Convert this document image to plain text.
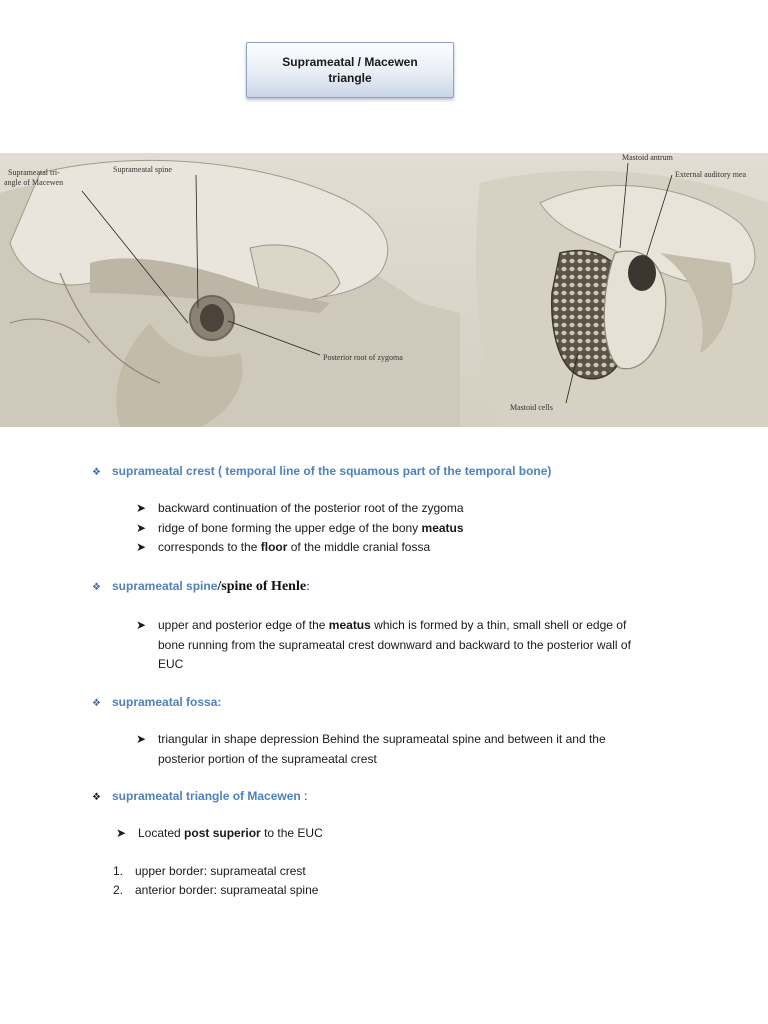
Suprameatal / Macewen
triangle
Suprameatal tri-
angle of Macewen
Suprameatal spine
Posterior root of zygoma
Mastoid antrum
External auditory mea
Mastoid cells
❖ suprameatal crest ( temporal line of the squamous part of the temporal bone)
➤ backward continuation of the posterior root of the zygoma
➤ ridge of bone forming the upper edge of the bony meatus
➤ corresponds to the floor of the middle cranial fossa
❖ suprameatal spine/spine of Henle:
➤ upper and posterior edge of the meatus which is formed by a thin, small shell or edge of
bone running from the suprameatal crest downward and backward to the posterior wall of
EUC
❖ suprameatal fossa:
➤ triangular in shape depression Behind the suprameatal spine and between it and the
posterior portion of the suprameatal crest
❖ suprameatal triangle of Macewen :
➤ Located post superior to the EUC
1. upper border: suprameatal crest
2. anterior border: suprameatal spine
